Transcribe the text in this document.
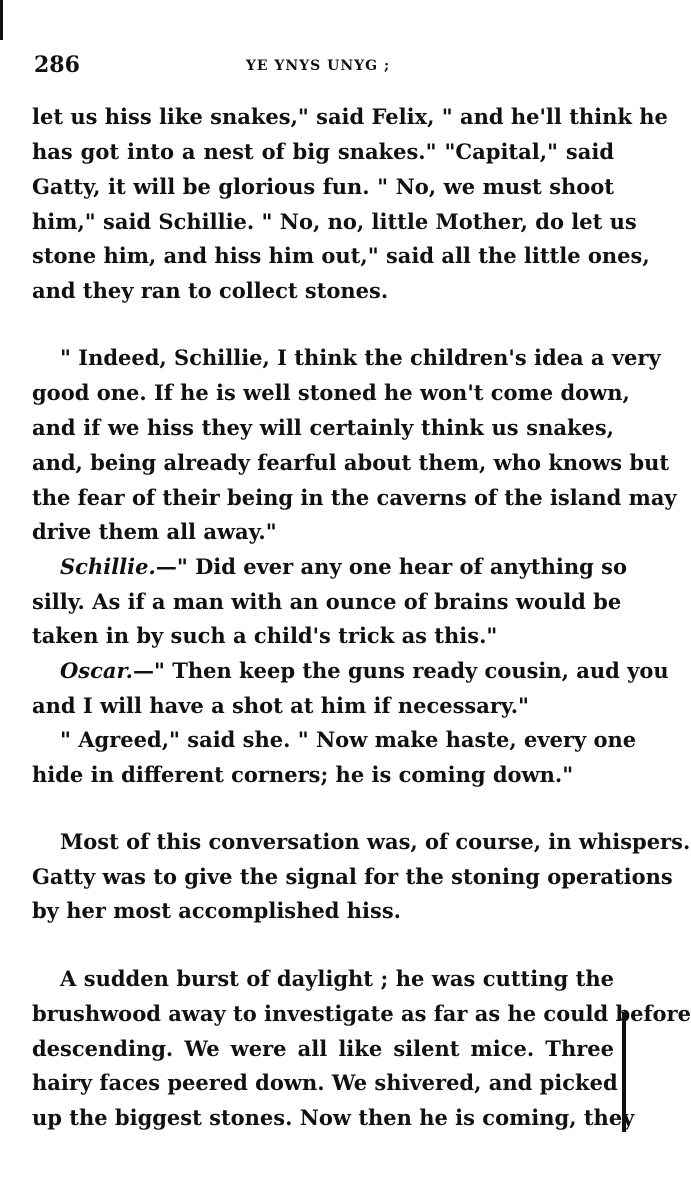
286	YE YNYS UNYG ;
let us hiss like snakes," said Felix, " and he'll think he
has got into a nest of big snakes." "Capital," said
Gatty, it will be glorious fun. " No, we must shoot
him," said Schillie. " No, no, little Mother, do let us
stone him, and hiss him out," said all the little ones,
and they ran to collect stones.
" Indeed, Schillie, I think the children's idea a very
good one. If he is well stoned he won't come down,
and if we hiss they will certainly think us snakes,
and, being already fearful about them, who knows but
the fear of their being in the caverns of the island may
drive them all away."
Schillie.—" Did ever any one hear of anything so
silly. As if a man with an ounce of brains would be
taken in by such a child's trick as this."
Oscar.—" Then keep the guns ready cousin, aud you
and I will have a shot at him if necessary."
" Agreed," said she. " Now make haste, every one
hide in different corners; he is coming down."
Most of this conversation was, of course, in whispers.
Gatty was to give the signal for the stoning operations
by her most accomplished hiss.
A sudden burst of daylight ; he was cutting the
brushwood away to investigate as far as he could before
descending. We were all like silent mice. Three
hairy faces peered down. We shivered, and picked
up the biggest stones. Now then he is coming, they
